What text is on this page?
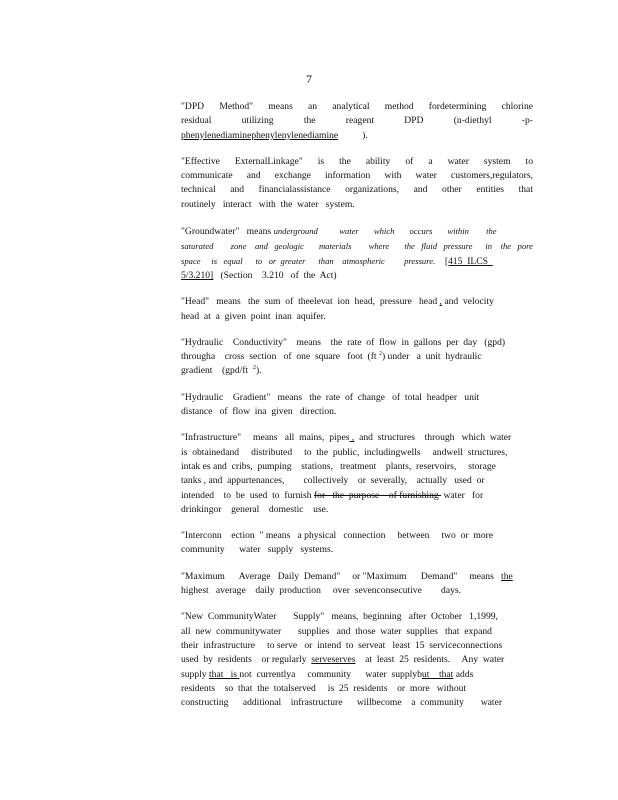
7
"DPD Method" means an analytical method fordetermining chlorine
residual utilizing the reagent DPD (n-diethyl -p-
phenylenediaminephenylenylenediamine          ).
"Effective ExternalLinkage" is the ability of a water system to
communicate and exchange information with water customers,regulators,
technical and financialassistance organizations, and other entities that
routinely   interact   with  the  water   system.
"Groundwater"   means underground          water       which       occurs       within        the
saturated        zone    and   geologic       materials        where       the   fluid   pressure      in    the   pore
space     is   equal      to   or  greater      than    atmospheric         pressure. [415  ILCS
5/3.210]   (Section    3.210   of  the  Act)
"Head"   means   the  sum  of  theelevat  ion  head,  pressure   head , and  velocity
head  at  a  given  point  inan  aquifer.
"Hydraulic    Conductivity"    means    the  rate  of  flow  in  gallons  per  day   (gpd)
througha    cross  section   of  one  square   foot  (ft $^2$) under   a  unit  hydraulic
gradient    (gpd/ft  $^2$).
"Hydraulic    Gradient"   means   the  rate  of  change   of  total  headper   unit
distance   of  flow  ina  given   direction.
"Infrastructure"     means   all  mains,  pipes ,  and  structures    through   which  water
is  obtainedand     distributed     to  the  public,  includingwells     andwell  structures,
intak es and  cribs,  pumping    stations,   treatment    plants,  reservoirs,     storage
tanks , and  appurtenances,        collectively    or  severally,    actually   used  or
intended    to  be  used  to  furnish for   the  purpose    of furnishing  water   for
drinkingor    general    domestic    use.
"Interconn    ection  " means   a physical   connection     between     two  or  more
community      water   supply   systems.
"Maximum      Average   Daily  Demand"     or "Maximum      Demand"     means   the
highest   average    daily  production     over  sevenconsecutive        days.
"New  CommunityWater       Supply"   means,  beginning   after  October   1,1999,
all  new  communitywater       supplies   and  those  water  supplies   that  expand
their  infrastructure     to serve   or  intend  to  serveat   least  15  serviceconnections
used  by  residents    or regularly  serveserves    at  least  25  residents.     Any  water
supply that   is not  currentlya     community      water  supplybut    that adds
residents    so  that  the  totalserved     is  25  residents    or  more   without
constructing      additional    infrastructure      willbecome    a  community       water
